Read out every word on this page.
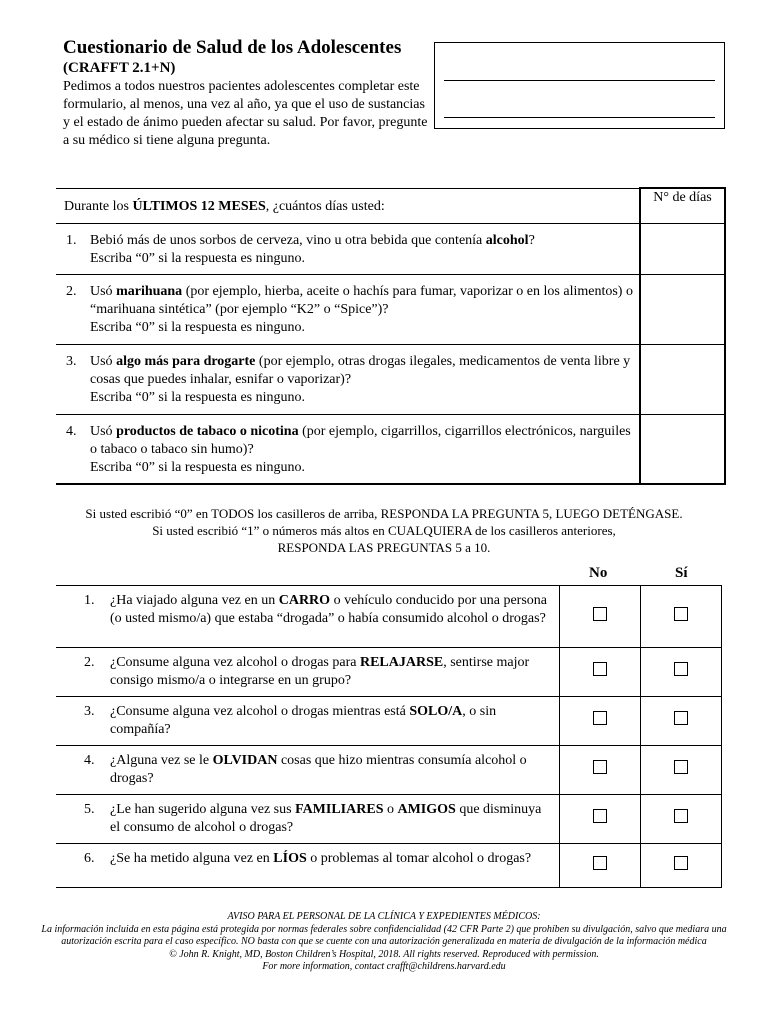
Cuestionario de Salud de los Adolescentes
(CRAFFT 2.1+N)
Pedimos a todos nuestros pacientes adolescentes completar este formulario, al menos, una vez al año, ya que el uso de sustancias y el estado de ánimo pueden afectar su salud. Por favor, pregunte a su médico si tiene alguna pregunta.
Durante los ÚLTIMOS 12 MESES, ¿cuántos días usted:	N° de días

1. Bebió más de unos sorbos de cerveza, vino u otra bebida que contenía alcohol?
Escriba “0” si la respuesta es ninguno.	

2. Usó marihuana (por ejemplo, hierba, aceite o hachís para fumar, vaporizar o en los alimentos) o “marihuana sintética” (por ejemplo “K2” o “Spice”)?
Escriba “0” si la respuesta es ninguno.	

3. Usó algo más para drogarte (por ejemplo, otras drogas ilegales, medicamentos de venta libre y cosas que puedes inhalar, esnifar o vaporizar)?
Escriba “0” si la respuesta es ninguno.	

4. Usó productos de tabaco o nicotina (por ejemplo, cigarrillos, cigarrillos electrónicos, narguiles o tabaco o tabaco sin humo)?
Escriba “0” si la respuesta es ninguno.	

Si usted escribió “0” en TODOS los casilleros de arriba, RESPONDA LA PREGUNTA 5, LUEGO DETÉNGASE.
Si usted escribió “1” o números más altos en CUALQUIERA de los casilleros anteriores,
RESPONDA LAS PREGUNTAS 5 a 10.
No	Sí
1. ¿Ha viajado alguna vez en un CARRO o vehículo conducido por una persona (o usted mismo/a) que estaba “drogada” o había consumido alcohol o drogas?		

2. ¿Consume alguna vez alcohol o drogas para RELAJARSE, sentirse major consigo mismo/a o integrarse en un grupo?		

3. ¿Consume alguna vez alcohol o drogas mientras está SOLO/A, o sin compañía?		

4. ¿Alguna vez se le OLVIDAN cosas que hizo mientras consumía alcohol o drogas?		

5. ¿Le han sugerido alguna vez sus FAMILIARES o AMIGOS que disminuya el consumo de alcohol o drogas?		

6. ¿Se ha metido alguna vez en LÍOS o problemas al tomar alcohol o drogas?		

AVISO PARA EL PERSONAL DE LA CLÍNICA Y EXPEDIENTES MÉDICOS:
La información incluida en esta página está protegida por normas federales sobre confidencialidad (42 CFR Parte 2) que prohíben su divulgación, salvo que mediara una autorización escrita para el caso específico. NO basta con que se cuente con una autorización generalizada en materia de divulgación de la información médica
© John R. Knight, MD, Boston Children’s Hospital, 2018. All rights reserved. Reproduced with permission.
For more information, contact crafft@childrens.harvard.edu
